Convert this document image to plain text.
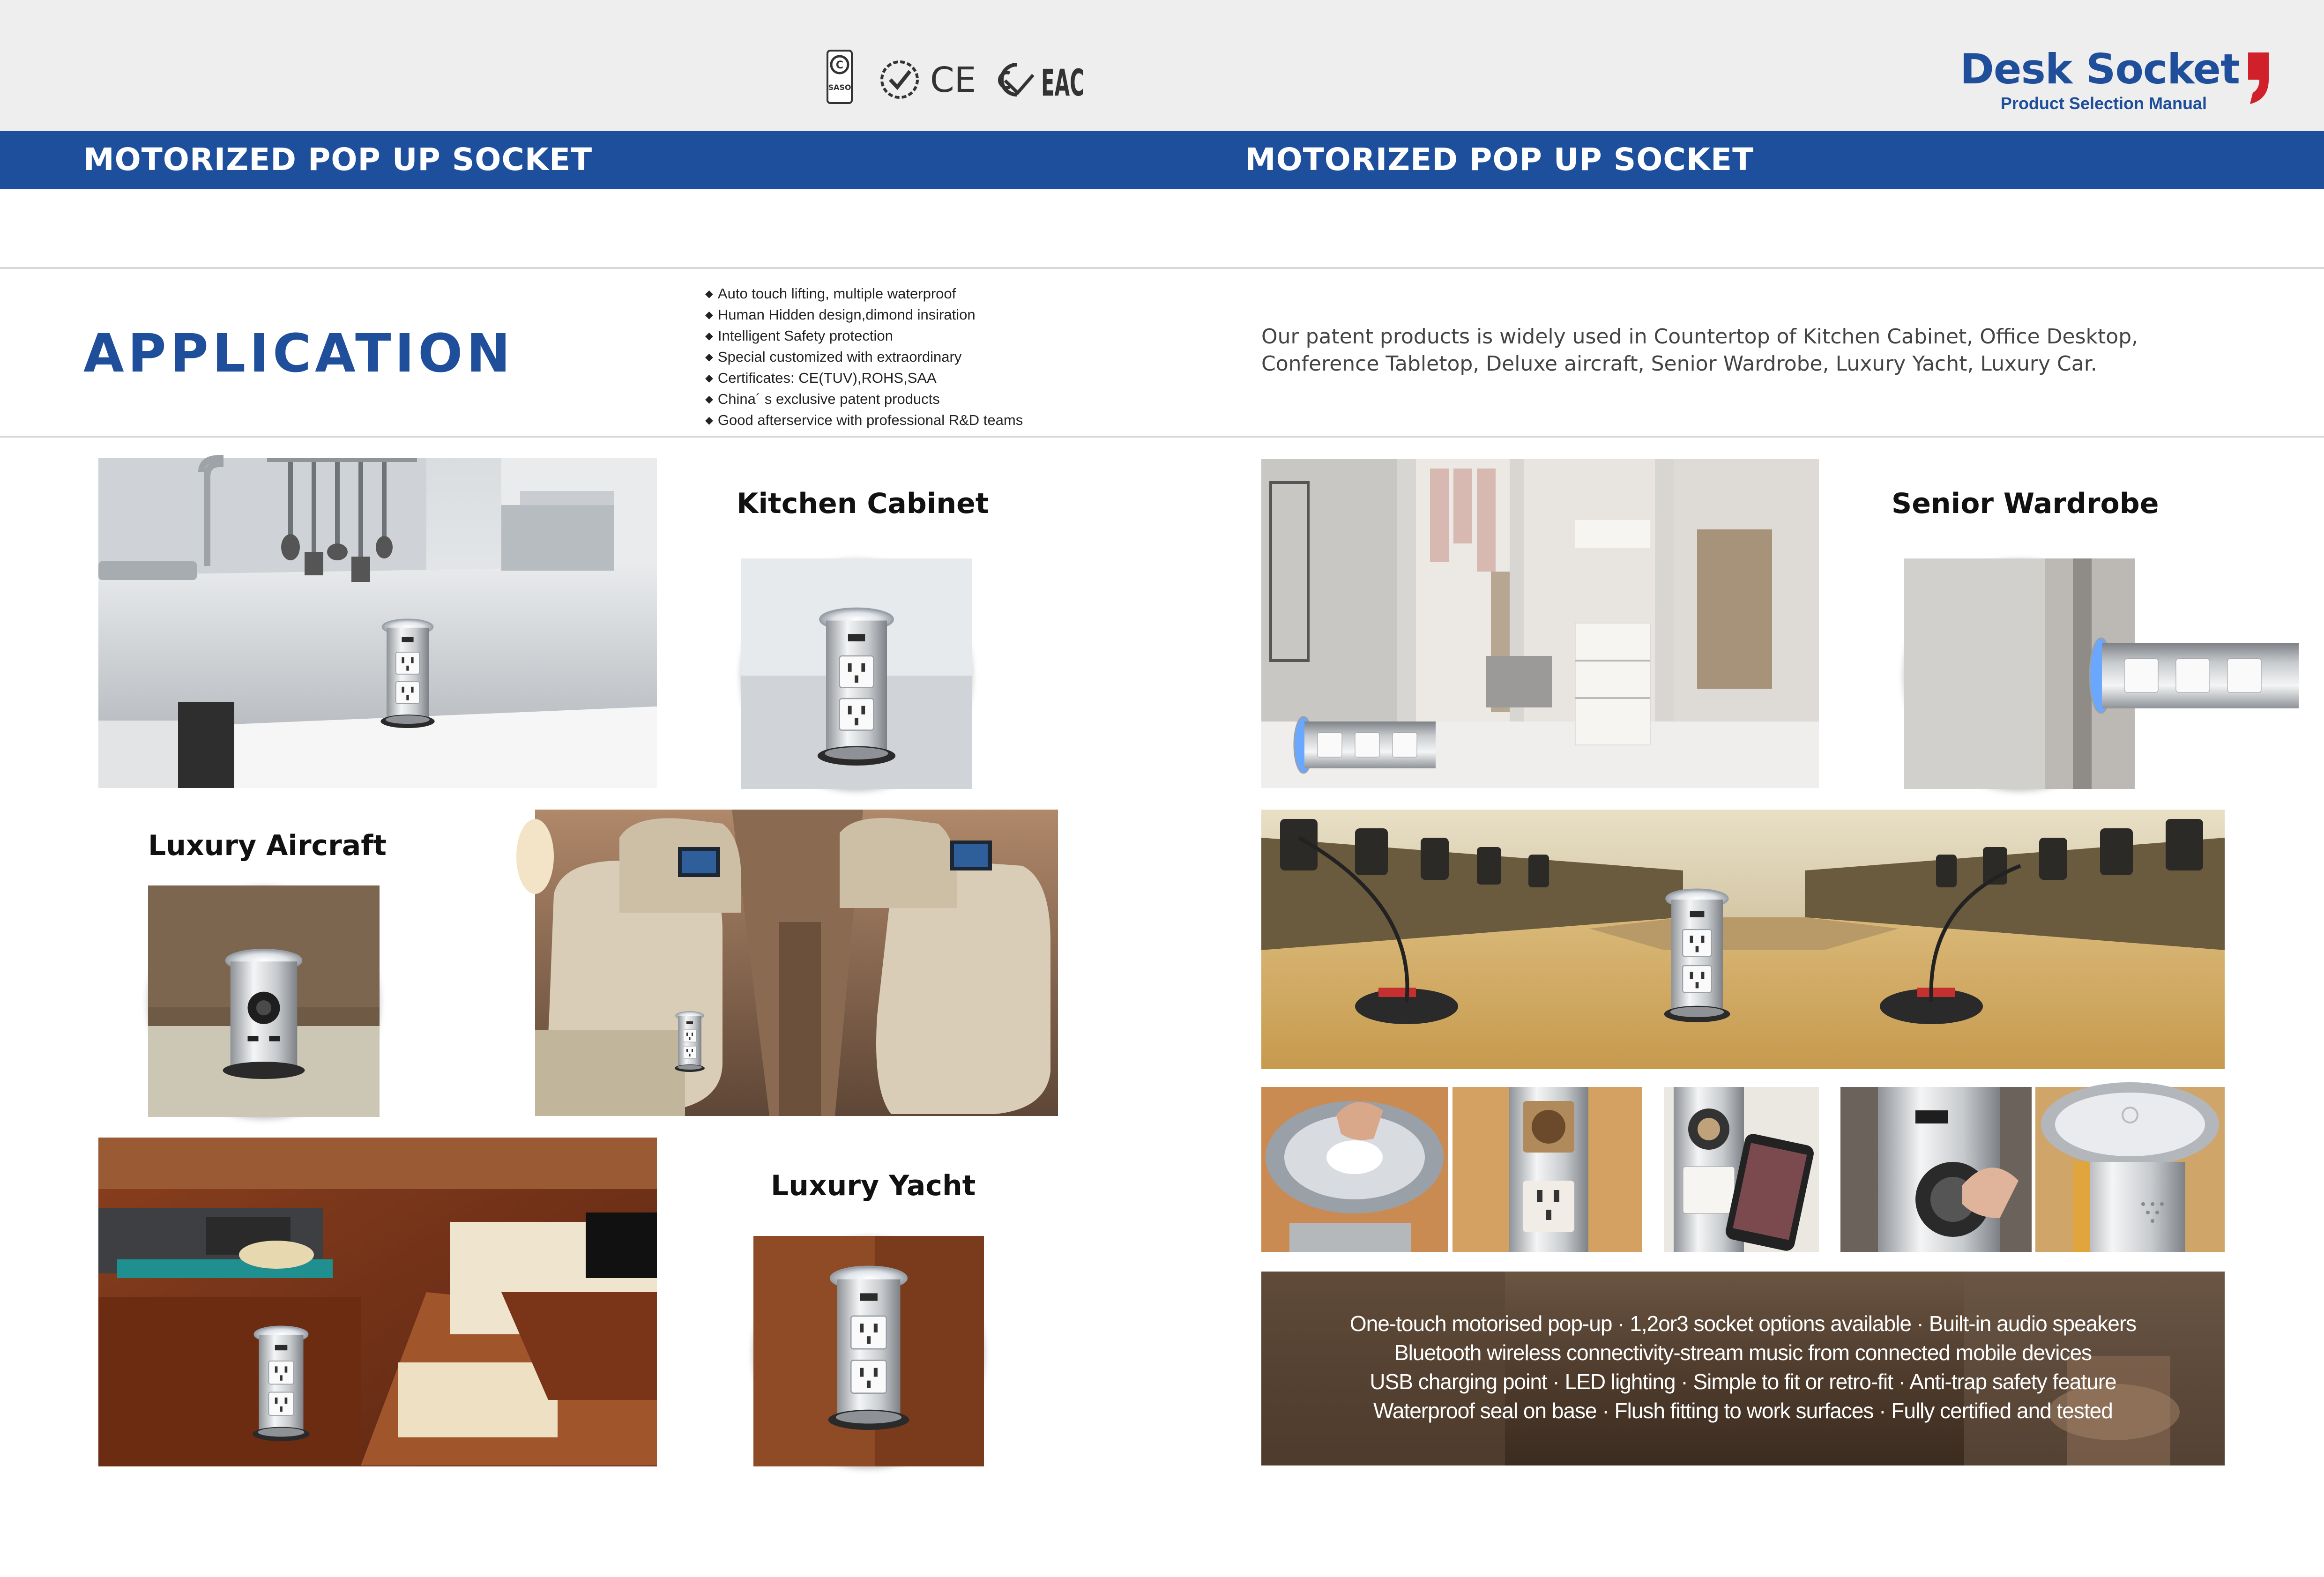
C
SASO CE EAC	Desk Socket
Product Selection Manual
MOTORIZED POP UP SOCKET	MOTORIZED POP UP SOCKET
APPLICATION
◆ Auto touch lifting, multiple waterproof
◆ Human Hidden design,dimond insiration
◆ Intelligent Safety protection
◆ Special customized with extraordinary
◆ Certificates: CE(TUV),ROHS,SAA
◆ China´ s exclusive patent products
◆ Good afterservice with professional R&D teams
Our patent products is widely used in Countertop of Kitchen Cabinet, Office Desktop,
Conference Tabletop, Deluxe aircraft, Senior Wardrobe, Luxury Yacht, Luxury Car.
Kitchen Cabinet
Luxury Aircraft
Luxury Yacht
Senior Wardrobe
One-touch motorised pop-up · 1,2or3 socket options available · Built-in audio speakers
Bluetooth wireless connectivity-stream music from connected mobile devices
USB charging point · LED lighting · Simple to fit or retro-fit · Anti-trap safety feature
Waterproof seal on base · Flush fitting to work surfaces · Fully certified and tested
